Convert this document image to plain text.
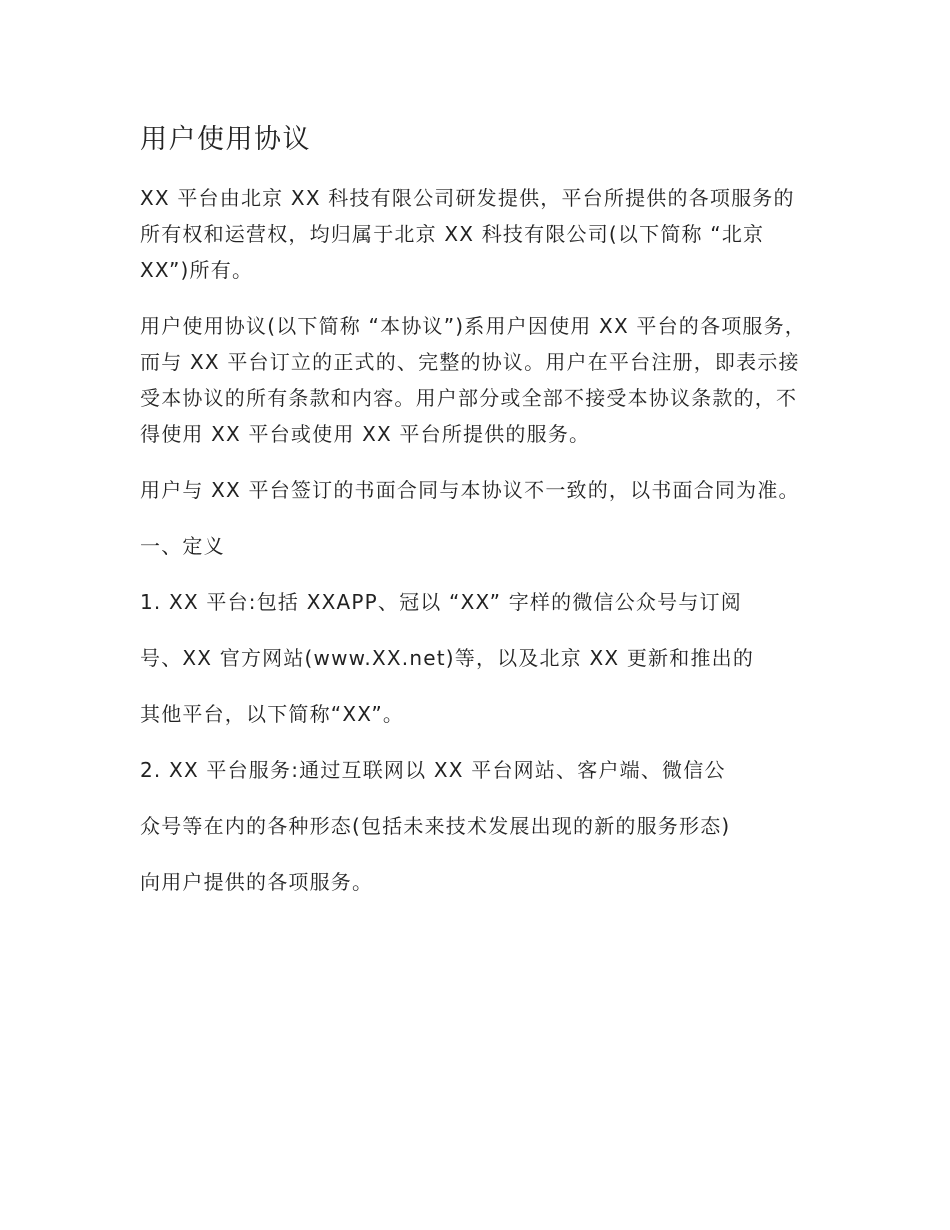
用户使用协议

XX 平台由北京 XX 科技有限公司研发提供，平台所提供的各项服务的所有权和运营权，均归属于北京 XX 科技有限公司(以下简称 “北京 XX”)所有。

用户使用协议(以下简称 “本协议”)系用户因使用 XX 平台的各项服务，而与 XX 平台订立的正式的、完整的协议。用户在平台注册，即表示接受本协议的所有条款和内容。用户部分或全部不接受本协议条款的，不得使用 XX 平台或使用 XX 平台所提供的服务。

用户与 XX 平台签订的书面合同与本协议不一致的，以书面合同为准。

一、定义

1. XX 平台:包括 XXAPP、冠以 “XX” 字样的微信公众号与订阅

号、XX 官方网站(www.XX.net)等，以及北京 XX 更新和推出的

其他平台，以下简称“XX”。

2. XX 平台服务:通过互联网以 XX 平台网站、客户端、微信公

众号等在内的各种形态(包括未来技术发展出现的新的服务形态)

向用户提供的各项服务。
